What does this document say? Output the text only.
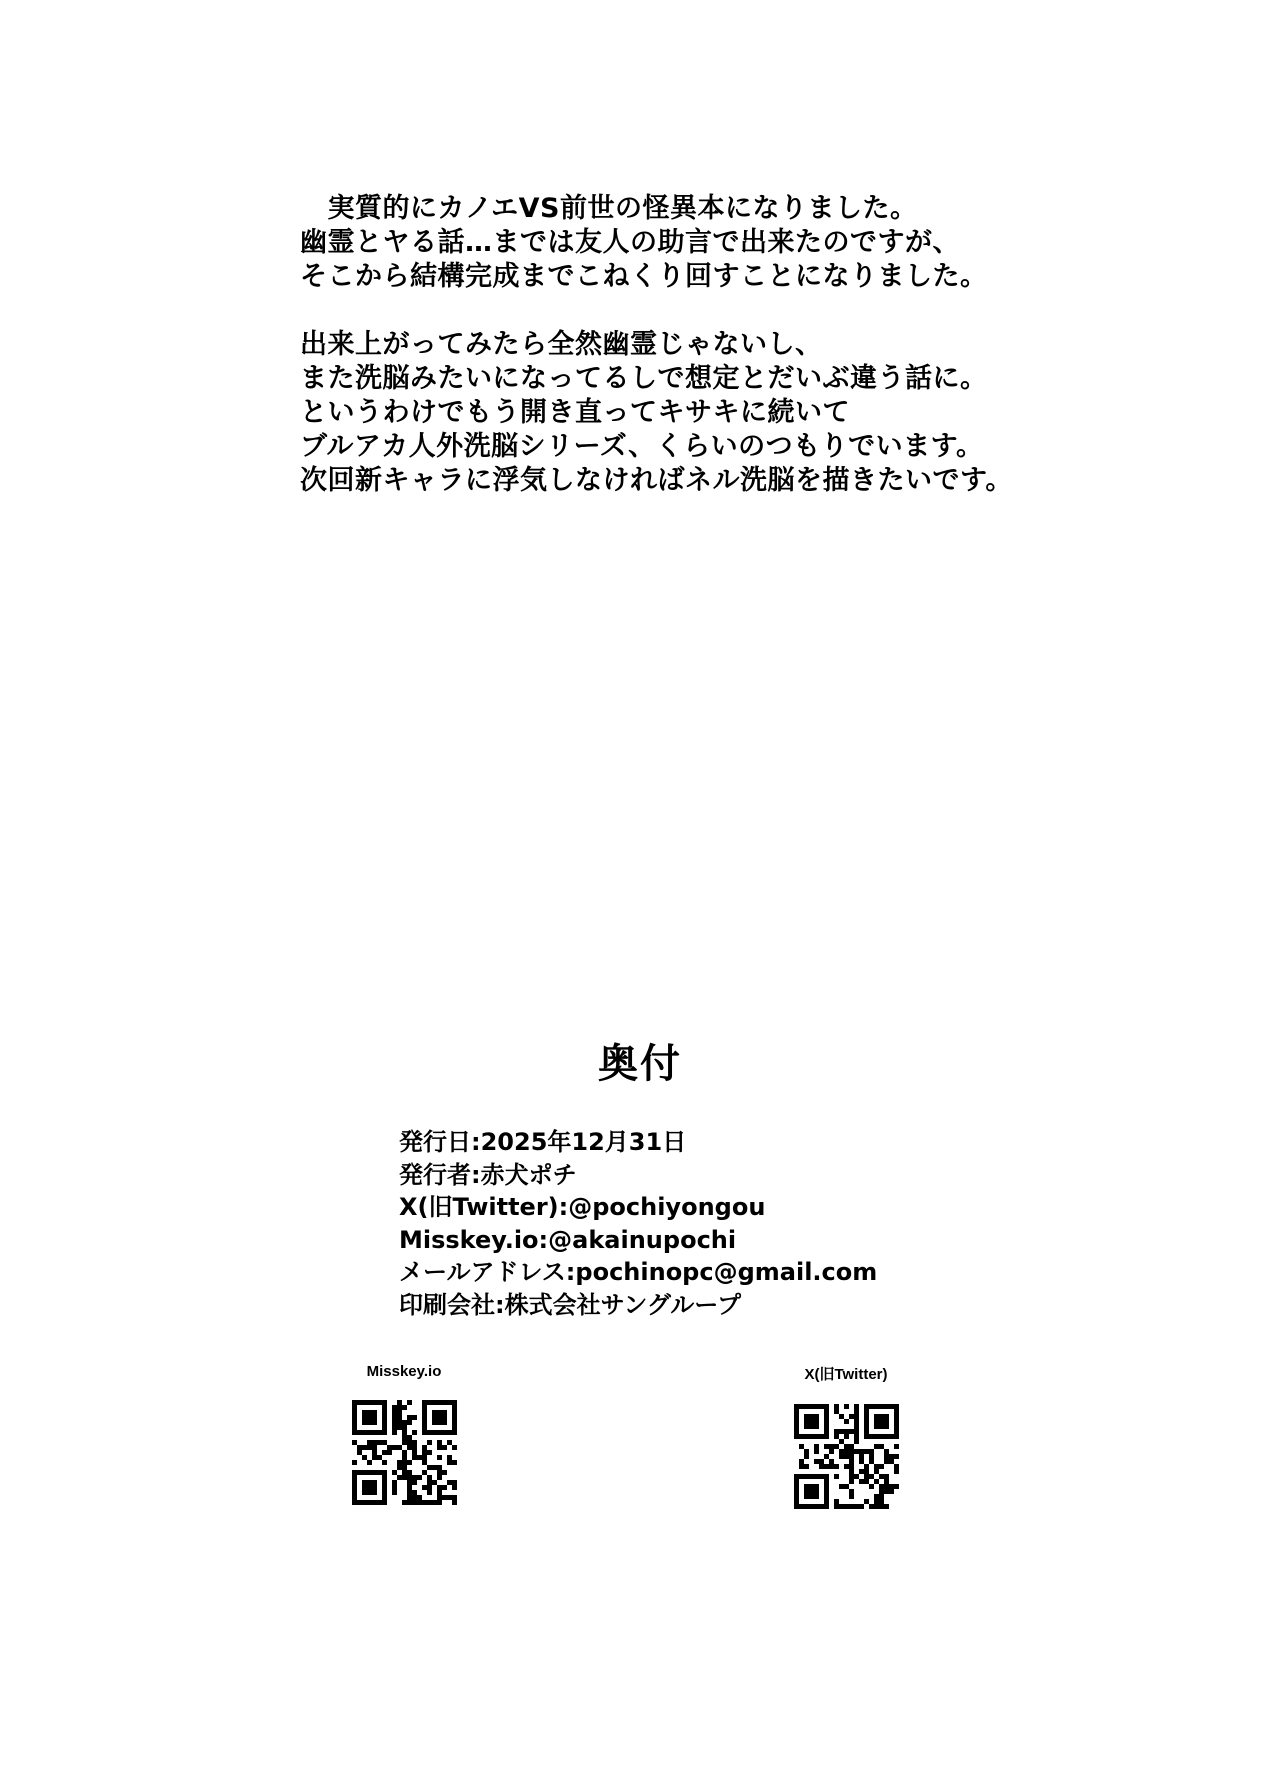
　実質的にカノエVS前世の怪異本になりました。
幽霊とヤる話…までは友人の助言で出来たのですが、
そこから結構完成までこねくり回すことになりました。
出来上がってみたら全然幽霊じゃないし、
また洗脳みたいになってるしで想定とだいぶ違う話に。
というわけでもう開き直ってキサキに続いて
ブルアカ人外洗脳シリーズ、くらいのつもりでいます。
次回新キャラに浮気しなければネル洗脳を描きたいです。
奥付
発行日:2025年12月31日
発行者:赤犬ポチ
X(旧Twitter):@pochiyongou
Misskey.io:@akainupochi
メールアドレス:pochinopc@gmail.com
印刷会社:株式会社サングループ
Misskey.io	X(旧Twitter)
